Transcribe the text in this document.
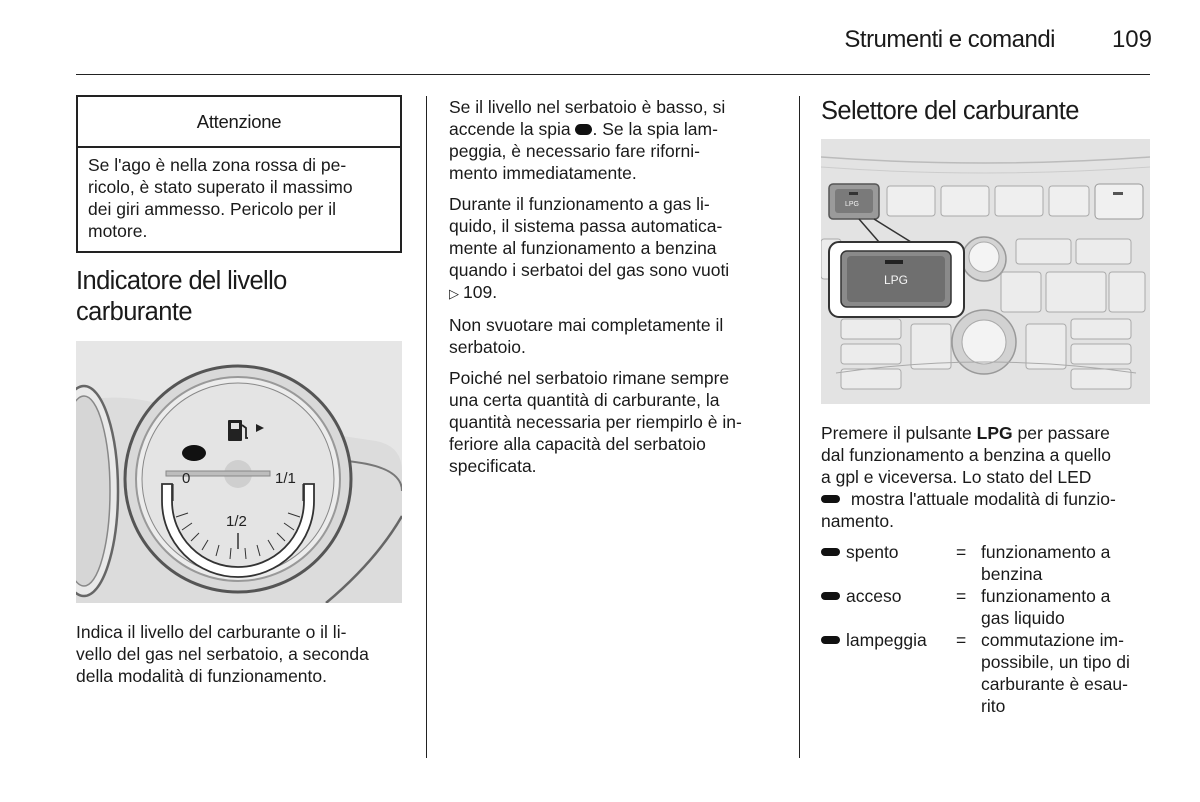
Strumenti e comandi 109
Attenzione
Se l'ago è nella zona rossa di pe-
ricolo, è stato superato il massimo
dei giri ammesso. Pericolo per il
motore.
Indicatore del livello
carburante
0	1/1
1/2
Indica il livello del carburante o il li-
vello del gas nel serbatoio, a seconda
della modalità di funzionamento.

Se il livello nel serbatoio è basso, si
accende la spia . Se la spia lam-
peggia, è necessario fare riforni-
mento immediatamente.

Durante il funzionamento a gas li-
quido, il sistema passa automatica-
mente al funzionamento a benzina
quando i serbatoi del gas sono vuoti
▷ 109.

Non svuotare mai completamente il
serbatoio.

Poiché nel serbatoio rimane sempre
una certa quantità di carburante, la
quantità necessaria per riempirlo è in-
feriore alla capacità del serbatoio
specificata.

Selettore del carburante
LPG
LPG
Premere il pulsante LPG per passare
dal funzionamento a benzina a quello
a gpl e viceversa. Lo stato del LED
mostra l'attuale modalità di funzio-
namento.
spento	=	funzionamento a
benzina

acceso	=	funzionamento a
gas liquido

lampeggia	=	commutazione im-
possibile, un tipo di
carburante è esau-
rito
